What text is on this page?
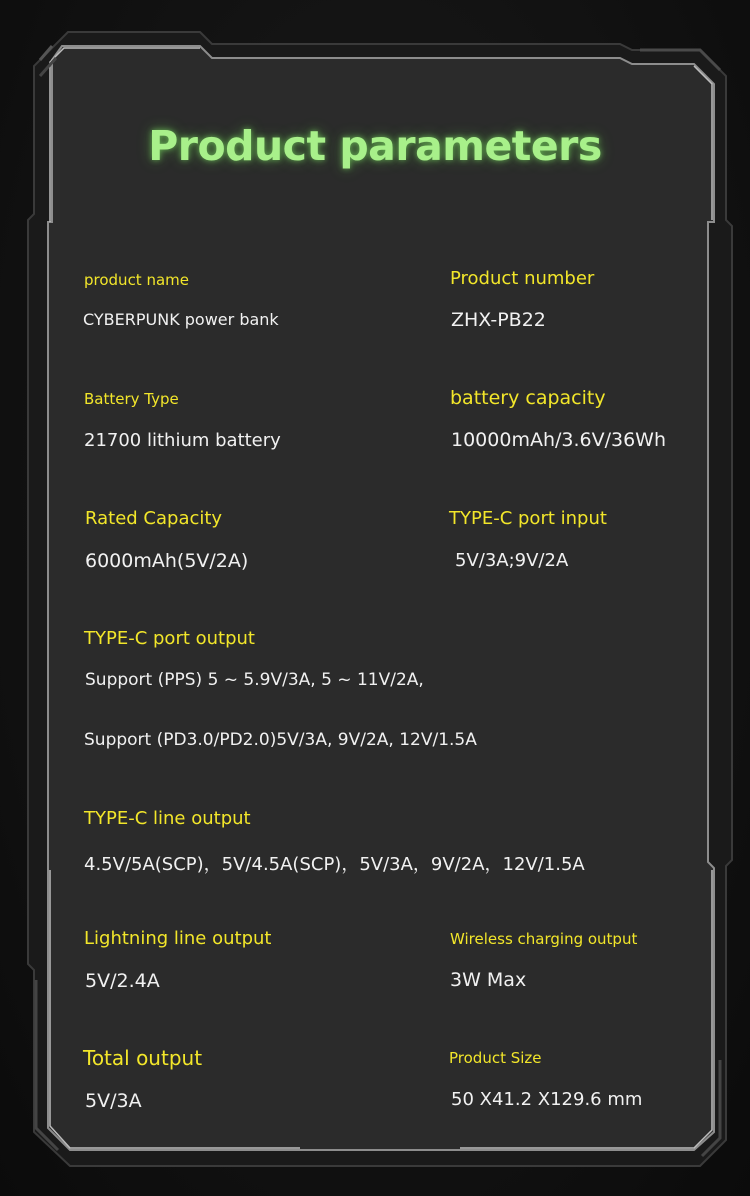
Product parameters
product name
CYBERPUNK power bank
Product number
ZHX-PB22
Battery Type
21700 lithium battery
battery capacity
10000mAh/3.6V/36Wh
Rated Capacity
6000mAh(5V/2A)
TYPE-C port input
5V/3A;9V/2A
TYPE-C port output
Support (PPS) 5 ~ 5.9V/3A, 5 ~ 11V/2A,
Support (PD3.0/PD2.0)5V/3A, 9V/2A, 12V/1.5A
TYPE-C line output
4.5V/5A(SCP)，5V/4.5A(SCP)，5V/3A，9V/2A，12V/1.5A
Lightning line output
5V/2.4A
Wireless charging output
3W Max
Total output
5V/3A
Product Size
50 X41.2 X129.6 mm
